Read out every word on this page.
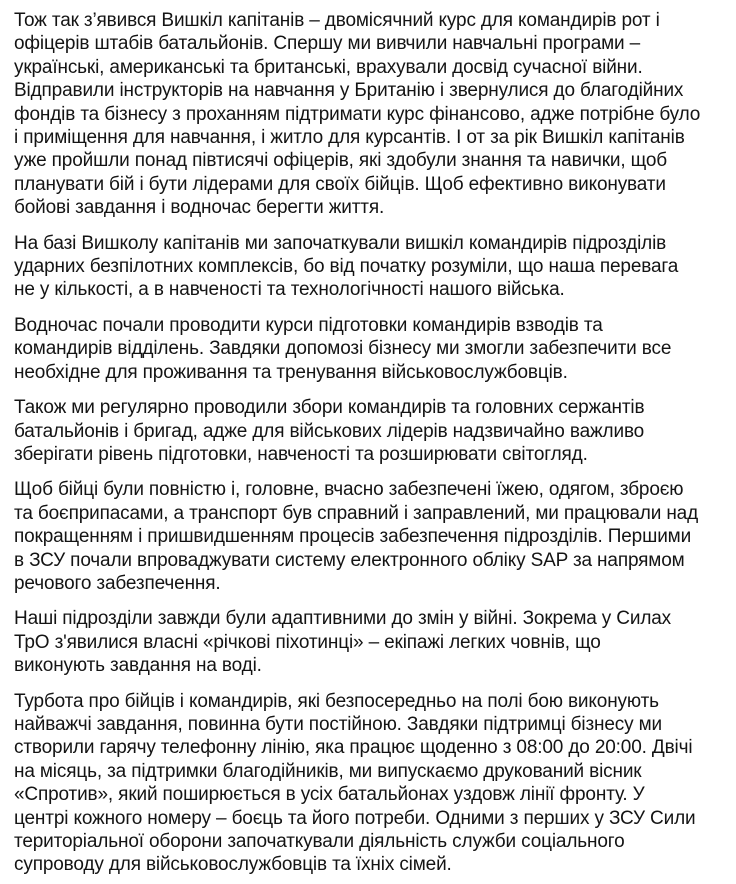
Тож так з’явився Вишкіл капітанів – двомісячний курс для командирів рот і
офіцерів штабів батальйонів. Спершу ми вивчили навчальні програми –
українські, американські та британські, врахували досвід сучасної війни.
Відправили інструкторів на навчання у Британію і звернулися до благодійних
фондів та бізнесу з проханням підтримати курс фінансово, адже потрібне було
і приміщення для навчання, і житло для курсантів. І от за рік Вишкіл капітанів
уже пройшли понад півтисячі офіцерів, які здобули знання та навички, щоб
планувати бій і бути лідерами для своїх бійців. Щоб ефективно виконувати
бойові завдання і водночас берегти життя.

На базі Вишколу капітанів ми започаткували вишкіл командирів підрозділів
ударних безпілотних комплексів, бо від початку розуміли, що наша перевага
не у кількості, а в навченості та технологічності нашого війська.

Водночас почали проводити курси підготовки командирів взводів та
командирів відділень. Завдяки допомозі бізнесу ми змогли забезпечити все
необхідне для проживання та тренування військовослужбовців.

Також ми регулярно проводили збори командирів та головних сержантів
батальйонів і бригад, адже для військових лідерів надзвичайно важливо
зберігати рівень підготовки, навченості та розширювати світогляд.

Щоб бійці були повністю і, головне, вчасно забезпечені їжею, одягом, зброєю
та боєприпасами, а транспорт був справний і заправлений, ми працювали над
покращенням і пришвидшенням процесів забезпечення підрозділів. Першими
в ЗСУ почали впроваджувати систему електронного обліку SAP за напрямом
речового забезпечення.

Наші підрозділи завжди були адаптивними до змін у війні. Зокрема у Силах
ТрО з'явилися власні «річкові піхотинці» – екіпажі легких човнів, що
виконують завдання на воді.

Турбота про бійців і командирів, які безпосередньо на полі бою виконують
найважчі завдання, повинна бути постійною. Завдяки підтримці бізнесу ми
створили гарячу телефонну лінію, яка працює щоденно з 08:00 до 20:00. Двічі
на місяць, за підтримки благодійників, ми випускаємо друкований вісник
«Спротив», який поширюється в усіх батальйонах уздовж лінії фронту. У
центрі кожного номеру – боєць та його потреби. Одними з перших у ЗСУ Сили
територіальної оборони започаткували діяльність служби соціального
супроводу для військовослужбовців та їхніх сімей.
